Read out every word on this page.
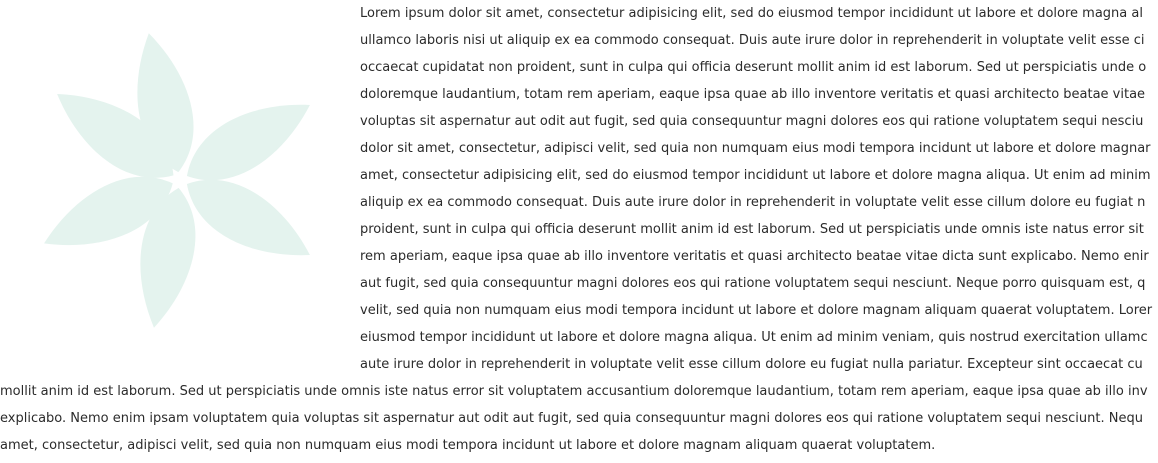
Lorem ipsum dolor sit amet, consectetur adipisicing elit, sed do eiusmod tempor incididunt ut labore et dolore magna al
ullamco laboris nisi ut aliquip ex ea commodo consequat. Duis aute irure dolor in reprehenderit in voluptate velit esse ci
occaecat cupidatat non proident, sunt in culpa qui officia deserunt mollit anim id est laborum. Sed ut perspiciatis unde o
doloremque laudantium, totam rem aperiam, eaque ipsa quae ab illo inventore veritatis et quasi architecto beatae vitae
voluptas sit aspernatur aut odit aut fugit, sed quia consequuntur magni dolores eos qui ratione voluptatem sequi nesciu
dolor sit amet, consectetur, adipisci velit, sed quia non numquam eius modi tempora incidunt ut labore et dolore magnar
amet, consectetur adipisicing elit, sed do eiusmod tempor incididunt ut labore et dolore magna aliqua. Ut enim ad minim
aliquip ex ea commodo consequat. Duis aute irure dolor in reprehenderit in voluptate velit esse cillum dolore eu fugiat n
proident, sunt in culpa qui officia deserunt mollit anim id est laborum. Sed ut perspiciatis unde omnis iste natus error sit
rem aperiam, eaque ipsa quae ab illo inventore veritatis et quasi architecto beatae vitae dicta sunt explicabo. Nemo enir
aut fugit, sed quia consequuntur magni dolores eos qui ratione voluptatem sequi nesciunt. Neque porro quisquam est, q
velit, sed quia non numquam eius modi tempora incidunt ut labore et dolore magnam aliquam quaerat voluptatem. Lorer
eiusmod tempor incididunt ut labore et dolore magna aliqua. Ut enim ad minim veniam, quis nostrud exercitation ullamc
aute irure dolor in reprehenderit in voluptate velit esse cillum dolore eu fugiat nulla pariatur. Excepteur sint occaecat cu
mollit anim id est laborum. Sed ut perspiciatis unde omnis iste natus error sit voluptatem accusantium doloremque laudantium, totam rem aperiam, eaque ipsa quae ab illo inv
explicabo. Nemo enim ipsam voluptatem quia voluptas sit aspernatur aut odit aut fugit, sed quia consequuntur magni dolores eos qui ratione voluptatem sequi nesciunt. Nequ
amet, consectetur, adipisci velit, sed quia non numquam eius modi tempora incidunt ut labore et dolore magnam aliquam quaerat voluptatem.
